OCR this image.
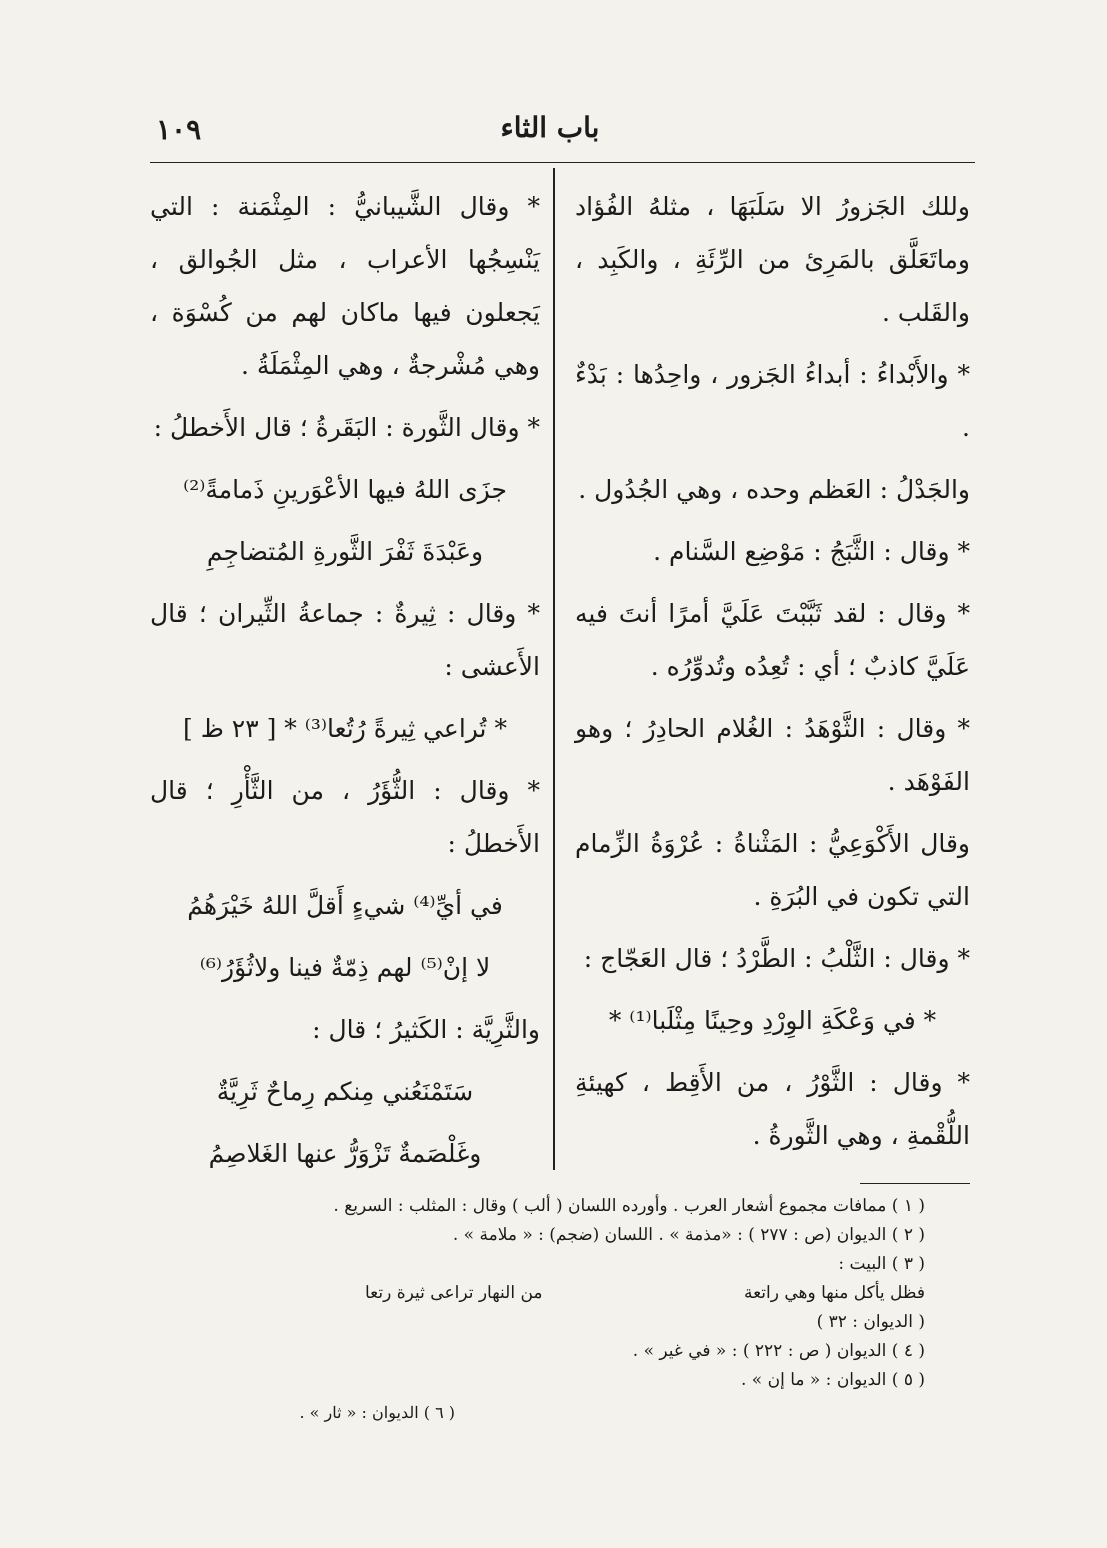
باب الثاء
١٠٩

وللك الجَزورُ الا سَلَبَهَا ، مثلهُ الفُؤاد وماتَعَلَّق بالمَرِئ من الرِّئَةِ ، والكَبِد ، والقَلب .

* والأَبْداءُ : أبداءُ الجَزور ، واحِدُها : بَدْءٌ .

والجَدْلُ : العَظم وحده ، وهي الجُدُول .

* وقال : الثَّبَجُ : مَوْضِع السَّنام .

* وقال : لقد ثَبَّبْتَ عَلَيَّ أمرًا أنتَ فيه عَلَيَّ كاذبٌ ؛ أي : تُعِدُه وتُدوِّرُه .

* وقال : الثَّوْهَدُ : الغُلام الحادِرُ ؛ وهو الفَوْهَد .

وقال الأَكْوَعِيُّ : المَثْناةُ : عُرْوَةُ الزِّمام التي تكون في البُرَةِ .

* وقال : الثَّلْبُ : الطَّرْدُ ؛ قال العَجّاج :

* في وَعْكَةِ الوِرْدِ وحِينًا مِثْلَبا⁽¹⁾ *

* وقال : الثَّوْرُ ، من الأَقِط ، كهيئةِ اللُّقْمةِ ، وهي الثَّورةُ .

* وقال الشَّيبانيُّ : المِثْمَنة : التي يَنْسِجُها الأعراب ، مثل الجُوالق ، يَجعلون فيها ماكان لهم من كُسْوَة ، وهي مُشْرجةٌ ، وهي المِثْمَلَةُ .

* وقال الثَّورة : البَقَرةُ ؛ قال الأَخطلُ :

جزَى اللهُ فيها الأعْوَرينِ ذَمامةً⁽²⁾

وعَبْدَةَ ثَفْرَ الثَّورةِ المُتضاجِمِ

* وقال : ثِيرةٌ : جماعةُ الثِّيران ؛ قال الأَعشى :

* تُراعي ثِيرةً رُتُعا⁽³⁾ * [ ٢٣ ظ ]

* وقال : الثُّؤَرُ ، من الثَّأْرِ ؛ قال الأَخطلُ :

في أيِّ⁽⁴⁾ شيءٍ أَقلَّ اللهُ خَيْرَهُمُ

لا إنْ⁽⁵⁾ لهم ذِمّةٌ فينا ولاثُؤَرُ⁽⁶⁾

والثَّرِيَّة : الكَثيرُ ؛ قال :

سَتَمْنَعُني مِنكم رِماحٌ ثَرِيَّةٌ

وغَلْصَمةٌ تَزْوَرُّ عنها الغَلاصِمُ

( ١ ) ممافات مجموع أشعار العرب . وأورده اللسان ( ألب ) وقال : المثلب : السريع .

( ٢ ) الديوان (ص : ٢٧٧ ) : «مذمة » . اللسان (ضجم) : « ملامة » .

( ٣ ) البيت :

فظل يأكل منها وهي راتعة
من النهار تراعى ثيرة رتعا

( الديوان : ٣٢ )

( ٤ ) الديوان ( ص : ٢٢٢ ) : « في غير » .

( ٥ ) الديوان : « ما إن » .

( ٦ ) الديوان : « ثار » .
